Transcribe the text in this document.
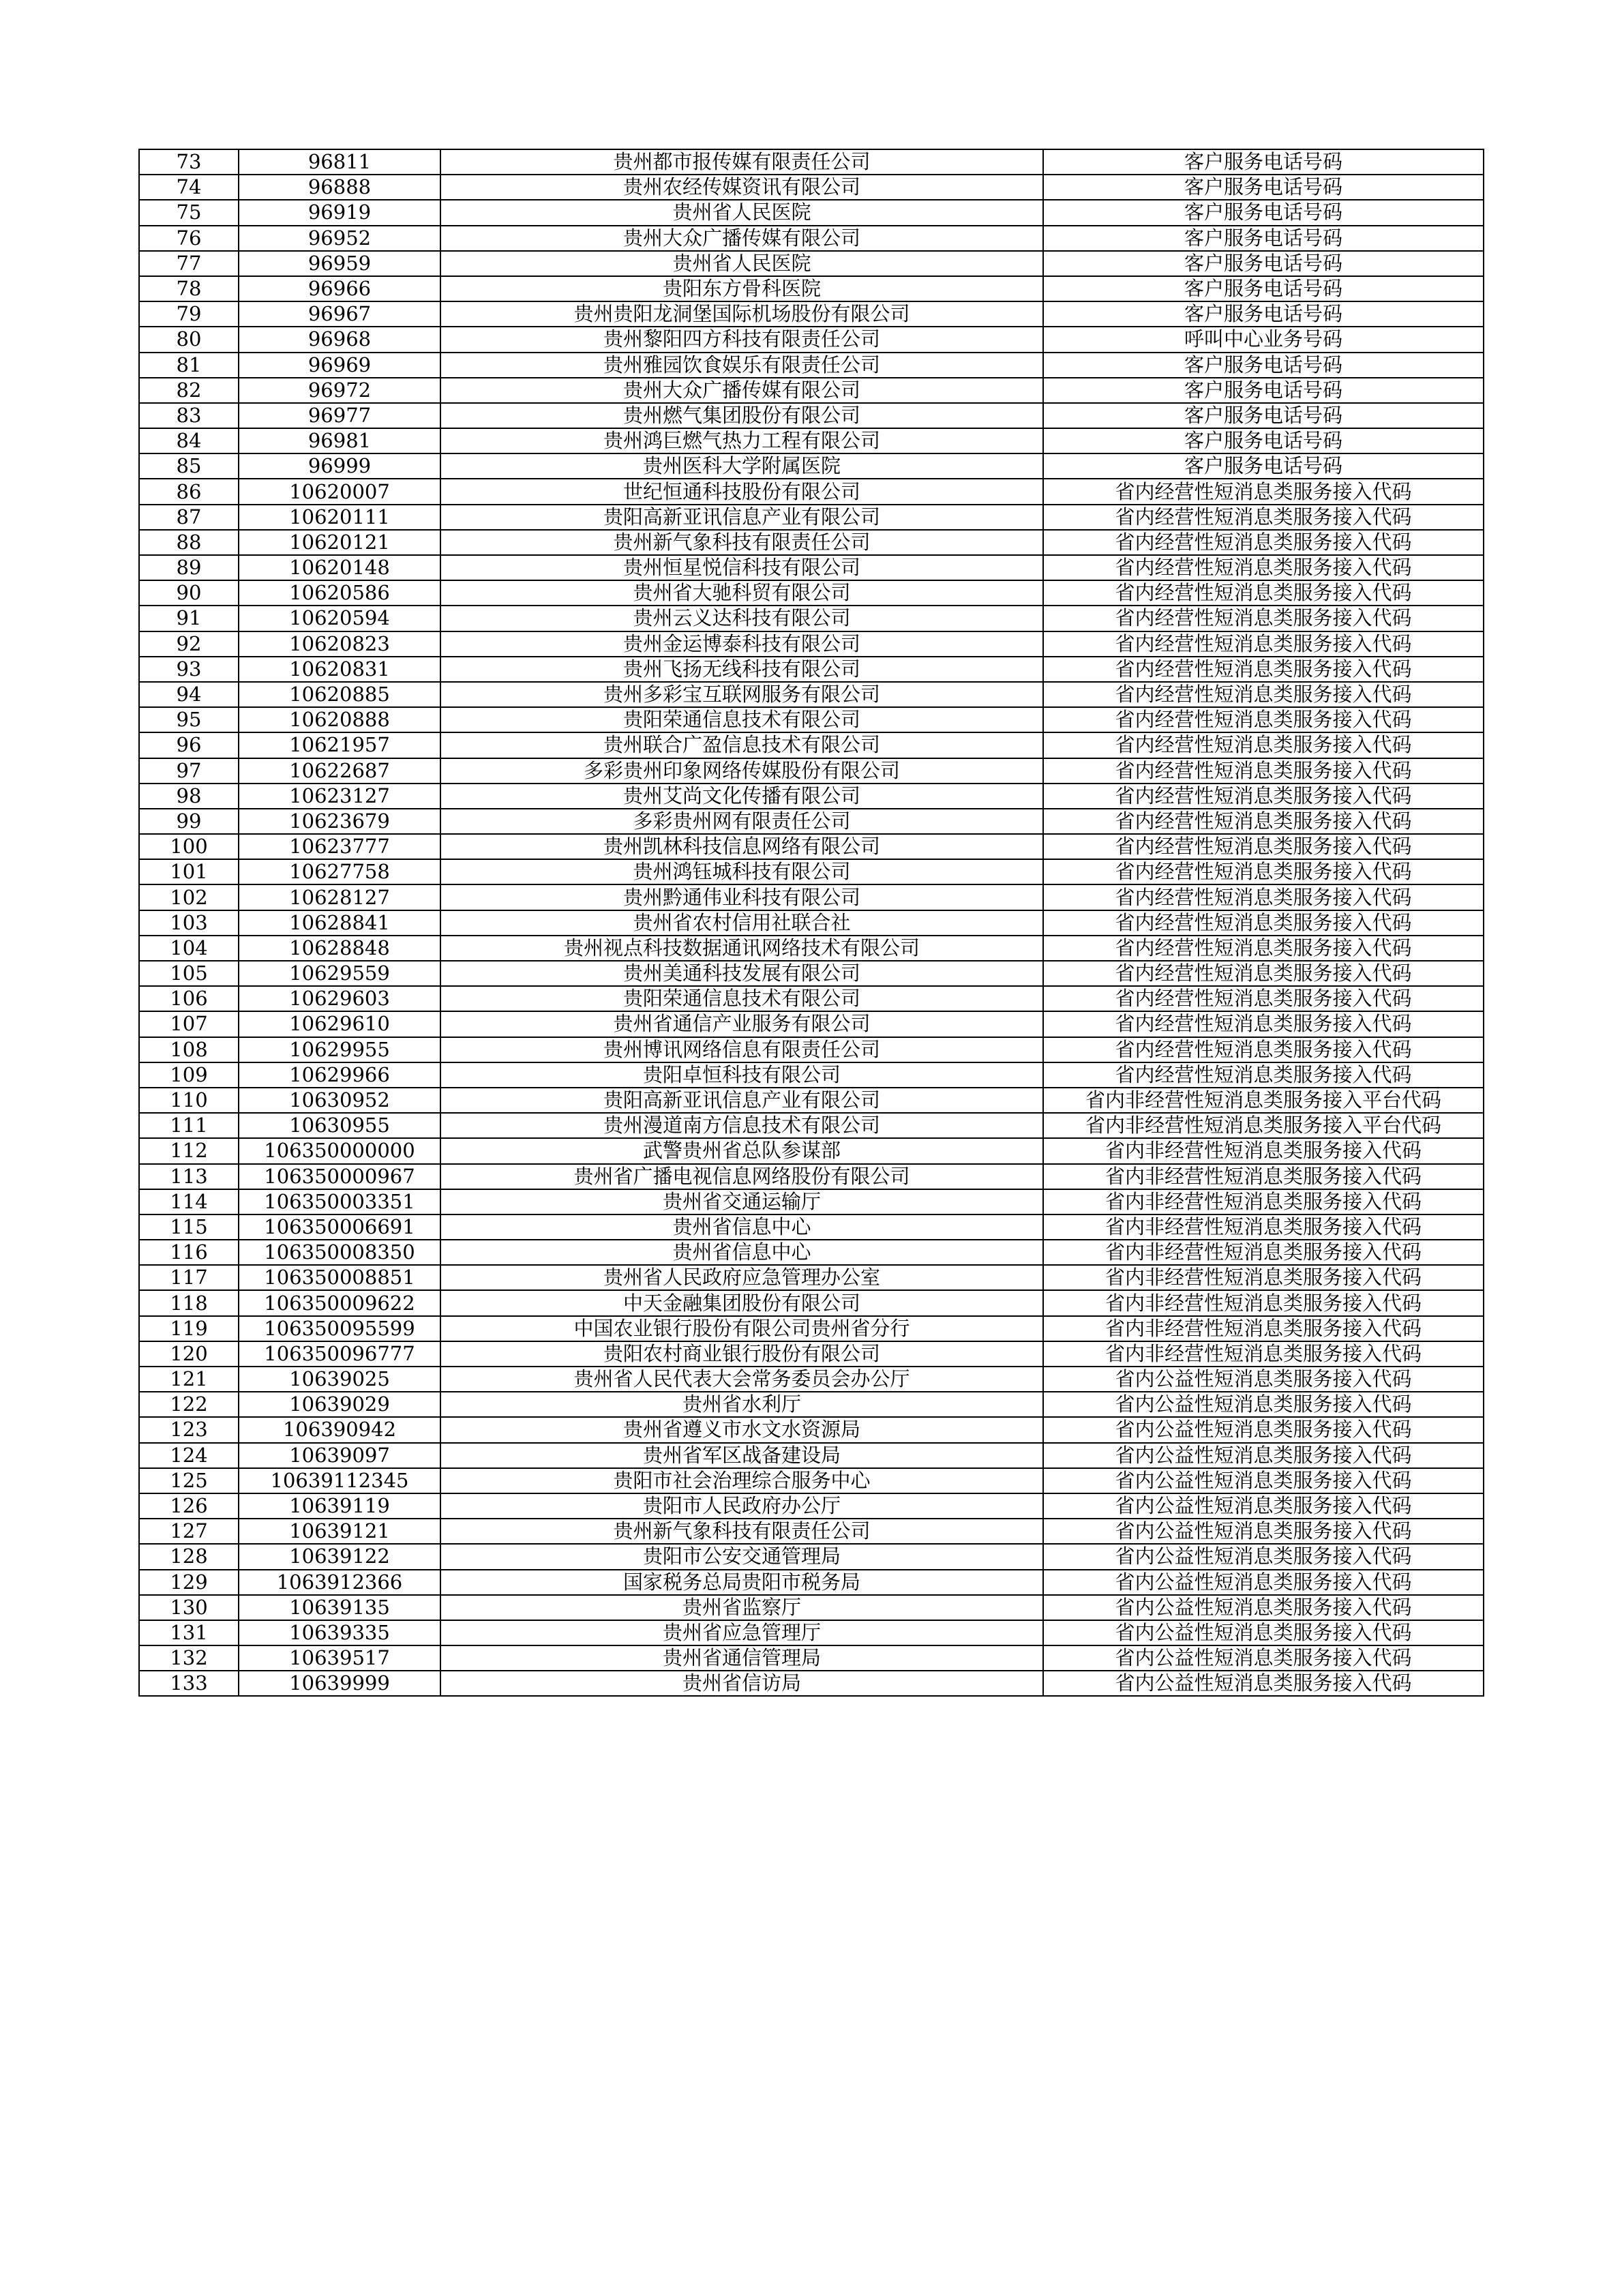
73	96811	贵州都市报传媒有限责任公司	客户服务电话号码
74	96888	贵州农经传媒资讯有限公司	客户服务电话号码
75	96919	贵州省人民医院	客户服务电话号码
76	96952	贵州大众广播传媒有限公司	客户服务电话号码
77	96959	贵州省人民医院	客户服务电话号码
78	96966	贵阳东方骨科医院	客户服务电话号码
79	96967	贵州贵阳龙洞堡国际机场股份有限公司	客户服务电话号码
80	96968	贵州黎阳四方科技有限责任公司	呼叫中心业务号码
81	96969	贵州雅园饮食娱乐有限责任公司	客户服务电话号码
82	96972	贵州大众广播传媒有限公司	客户服务电话号码
83	96977	贵州燃气集团股份有限公司	客户服务电话号码
84	96981	贵州鸿巨燃气热力工程有限公司	客户服务电话号码
85	96999	贵州医科大学附属医院	客户服务电话号码
86	10620007	世纪恒通科技股份有限公司	省内经营性短消息类服务接入代码
87	10620111	贵阳高新亚讯信息产业有限公司	省内经营性短消息类服务接入代码
88	10620121	贵州新气象科技有限责任公司	省内经营性短消息类服务接入代码
89	10620148	贵州恒星悦信科技有限公司	省内经营性短消息类服务接入代码
90	10620586	贵州省大驰科贸有限公司	省内经营性短消息类服务接入代码
91	10620594	贵州云义达科技有限公司	省内经营性短消息类服务接入代码
92	10620823	贵州金运博泰科技有限公司	省内经营性短消息类服务接入代码
93	10620831	贵州飞扬无线科技有限公司	省内经营性短消息类服务接入代码
94	10620885	贵州多彩宝互联网服务有限公司	省内经营性短消息类服务接入代码
95	10620888	贵阳荣通信息技术有限公司	省内经营性短消息类服务接入代码
96	10621957	贵州联合广盈信息技术有限公司	省内经营性短消息类服务接入代码
97	10622687	多彩贵州印象网络传媒股份有限公司	省内经营性短消息类服务接入代码
98	10623127	贵州艾尚文化传播有限公司	省内经营性短消息类服务接入代码
99	10623679	多彩贵州网有限责任公司	省内经营性短消息类服务接入代码
100	10623777	贵州凯林科技信息网络有限公司	省内经营性短消息类服务接入代码
101	10627758	贵州鸿钰城科技有限公司	省内经营性短消息类服务接入代码
102	10628127	贵州黔通伟业科技有限公司	省内经营性短消息类服务接入代码
103	10628841	贵州省农村信用社联合社	省内经营性短消息类服务接入代码
104	10628848	贵州视点科技数据通讯网络技术有限公司	省内经营性短消息类服务接入代码
105	10629559	贵州美通科技发展有限公司	省内经营性短消息类服务接入代码
106	10629603	贵阳荣通信息技术有限公司	省内经营性短消息类服务接入代码
107	10629610	贵州省通信产业服务有限公司	省内经营性短消息类服务接入代码
108	10629955	贵州博讯网络信息有限责任公司	省内经营性短消息类服务接入代码
109	10629966	贵阳卓恒科技有限公司	省内经营性短消息类服务接入代码
110	10630952	贵阳高新亚讯信息产业有限公司	省内非经营性短消息类服务接入平台代码
111	10630955	贵州漫道南方信息技术有限公司	省内非经营性短消息类服务接入平台代码
112	106350000000	武警贵州省总队参谋部	省内非经营性短消息类服务接入代码
113	106350000967	贵州省广播电视信息网络股份有限公司	省内非经营性短消息类服务接入代码
114	106350003351	贵州省交通运输厅	省内非经营性短消息类服务接入代码
115	106350006691	贵州省信息中心	省内非经营性短消息类服务接入代码
116	106350008350	贵州省信息中心	省内非经营性短消息类服务接入代码
117	106350008851	贵州省人民政府应急管理办公室	省内非经营性短消息类服务接入代码
118	106350009622	中天金融集团股份有限公司	省内非经营性短消息类服务接入代码
119	106350095599	中国农业银行股份有限公司贵州省分行	省内非经营性短消息类服务接入代码
120	106350096777	贵阳农村商业银行股份有限公司	省内非经营性短消息类服务接入代码
121	10639025	贵州省人民代表大会常务委员会办公厅	省内公益性短消息类服务接入代码
122	10639029	贵州省水利厅	省内公益性短消息类服务接入代码
123	106390942	贵州省遵义市水文水资源局	省内公益性短消息类服务接入代码
124	10639097	贵州省军区战备建设局	省内公益性短消息类服务接入代码
125	10639112345	贵阳市社会治理综合服务中心	省内公益性短消息类服务接入代码
126	10639119	贵阳市人民政府办公厅	省内公益性短消息类服务接入代码
127	10639121	贵州新气象科技有限责任公司	省内公益性短消息类服务接入代码
128	10639122	贵阳市公安交通管理局	省内公益性短消息类服务接入代码
129	1063912366	国家税务总局贵阳市税务局	省内公益性短消息类服务接入代码
130	10639135	贵州省监察厅	省内公益性短消息类服务接入代码
131	10639335	贵州省应急管理厅	省内公益性短消息类服务接入代码
132	10639517	贵州省通信管理局	省内公益性短消息类服务接入代码
133	10639999	贵州省信访局	省内公益性短消息类服务接入代码
